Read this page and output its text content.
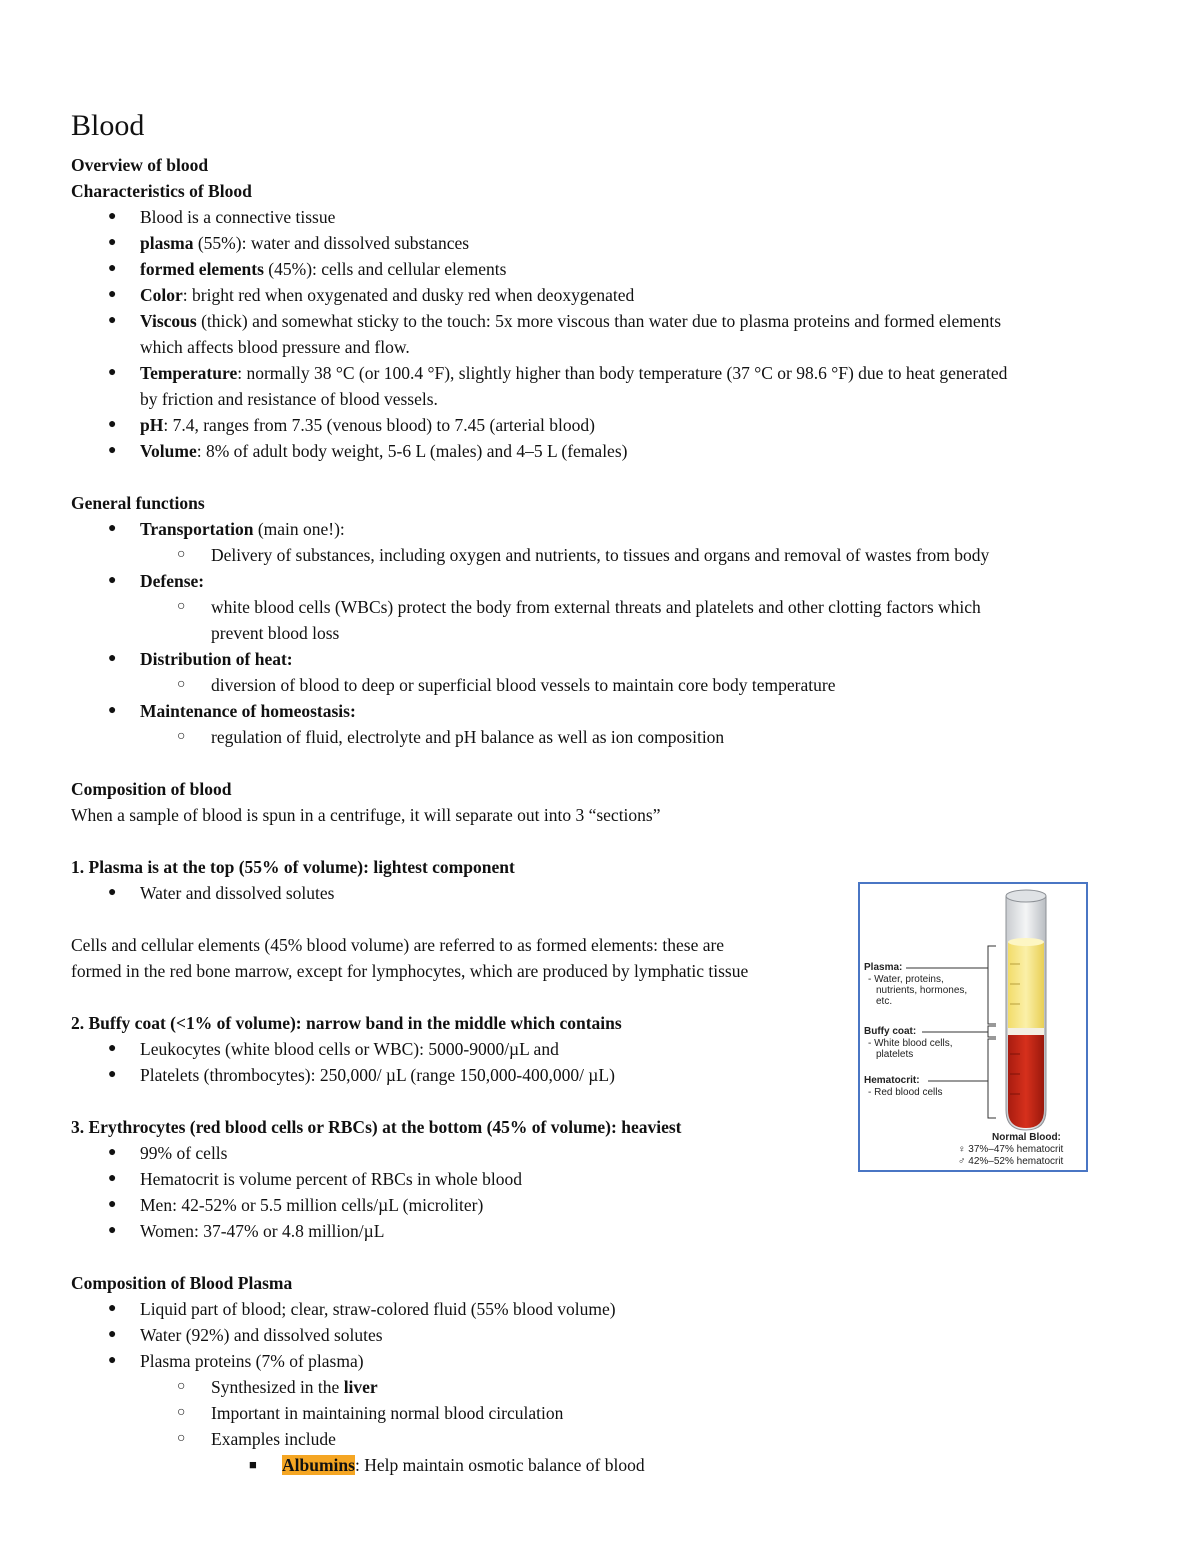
Blood
Overview of blood
Characteristics of Blood
● Blood is a connective tissue
● plasma (55%): water and dissolved substances
● formed elements (45%): cells and cellular elements
● Color: bright red when oxygenated and dusky red when deoxygenated
● Viscous (thick) and somewhat sticky to the touch: 5x more viscous than water due to plasma proteins and formed elements
which affects blood pressure and flow.
● Temperature: normally 38 °C (or 100.4 °F), slightly higher than body temperature (37 °C or 98.6 °F) due to heat generated
by friction and resistance of blood vessels.
● pH: 7.4, ranges from 7.35 (venous blood) to 7.45 (arterial blood)
● Volume: 8% of adult body weight, 5-6 L (males) and 4–5 L (females)
General functions
● Transportation (main one!):
○ Delivery of substances, including oxygen and nutrients, to tissues and organs and removal of wastes from body
● Defense:
○ white blood cells (WBCs) protect the body from external threats and platelets and other clotting factors which
prevent blood loss
● Distribution of heat:
○ diversion of blood to deep or superficial blood vessels to maintain core body temperature
● Maintenance of homeostasis:
○ regulation of fluid, electrolyte and pH balance as well as ion composition
Composition of blood
When a sample of blood is spun in a centrifuge, it will separate out into 3 “sections”
1. Plasma is at the top (55% of volume): lightest component
● Water and dissolved solutes
Cells and cellular elements (45% blood volume) are referred to as formed elements: these are
formed in the red bone marrow, except for lymphocytes, which are produced by lymphatic tissue
2. Buffy coat (<1% of volume): narrow band in the middle which contains
● Leukocytes (white blood cells or WBC): 5000-9000/µL and
● Platelets (thrombocytes): 250,000/ µL (range 150,000-400,000/ µL)
3. Erythrocytes (red blood cells or RBCs) at the bottom (45% of volume): heaviest
● 99% of cells
● Hematocrit is volume percent of RBCs in whole blood
● Men: 42-52% or 5.5 million cells/µL (microliter)
● Women: 37-47% or 4.8 million/µL
Composition of Blood Plasma
● Liquid part of blood; clear, straw-colored fluid (55% blood volume)
● Water (92%) and dissolved solutes
● Plasma proteins (7% of plasma)
○ Synthesized in the liver
○ Important in maintaining normal blood circulation
○ Examples include
■ Albumins: Help maintain osmotic balance of blood
Plasma:
- Water, proteins,
nutrients, hormones,
etc.
Buffy coat:
- White blood cells,
platelets
Hematocrit:
- Red blood cells
Normal Blood:
♀ 37%–47% hematocrit
♂ 42%–52% hematocrit
